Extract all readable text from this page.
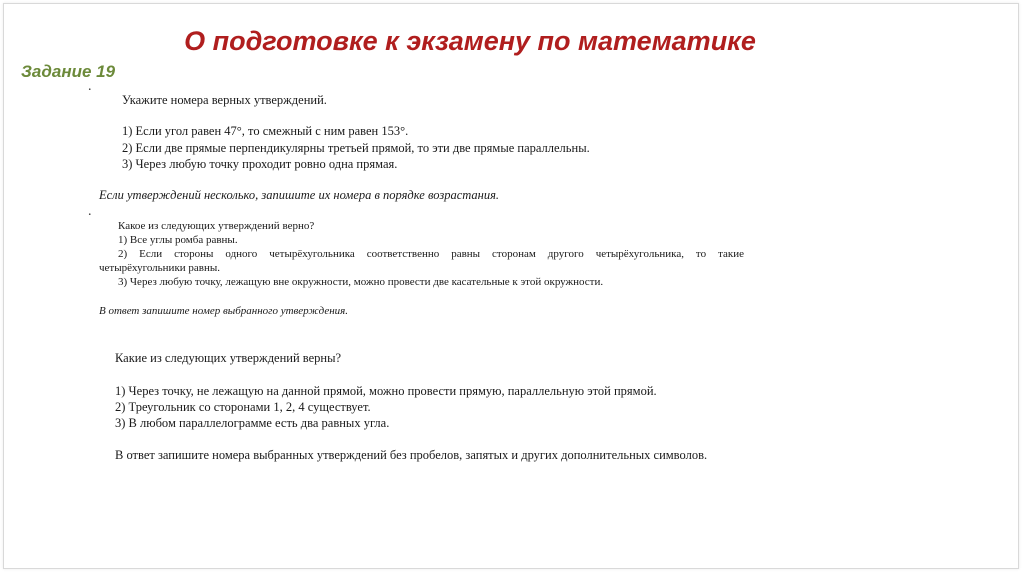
О подготовке к экзамену по математике
Задание 19
.
Укажите номера верных утверждений.
1) Если угол равен 47°, то смежный с ним равен 153°.
2) Если две прямые перпендикулярны третьей прямой, то эти две прямые параллельны.
3) Через любую точку проходит ровно одна прямая.
Если утверждений несколько, запишите их номера в порядке возрастания.
.
Какое из следующих утверждений верно?
1) Все углы ромба равны.
2) Если стороны одного четырёхугольника соответственно равны сторонам другого четырёхугольника, то такие
четырёхугольники равны.
3) Через любую точку, лежащую вне окружности, можно провести две касательные к этой окружности.
В ответ запишите номер выбранного утверждения.
Какие из следующих утверждений верны?
1) Через точку, не лежащую на данной прямой, можно провести прямую, параллельную этой прямой.
2) Треугольник со сторонами 1, 2, 4 существует.
3) В любом параллелограмме есть два равных угла.
В ответ запишите номера выбранных утверждений без пробелов, запятых и других дополнительных символов.
